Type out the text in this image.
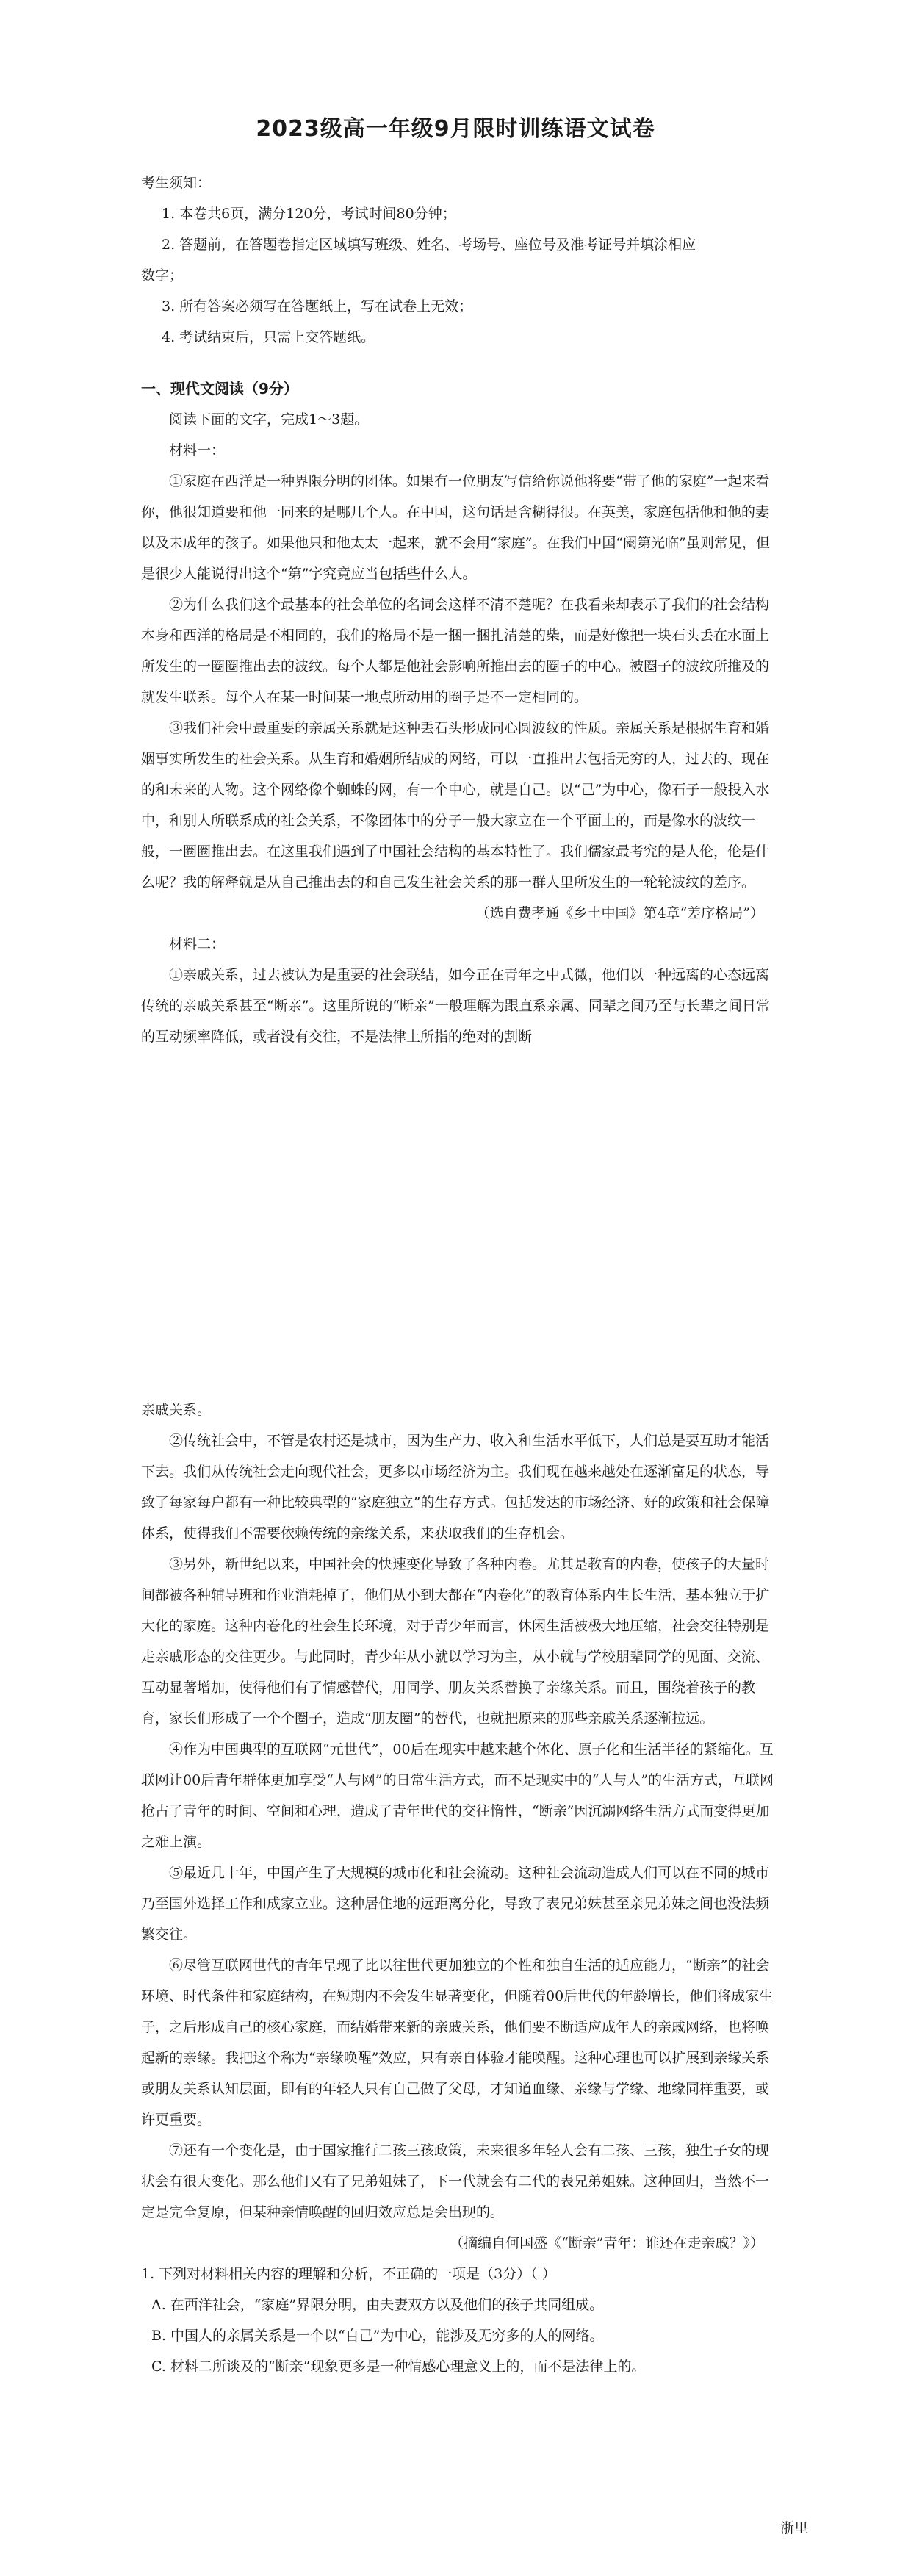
2023级高一年级9月限时训练语文试卷

考生须知：

1. 本卷共6页，满分120分，考试时间80分钟；

2. 答题前，在答题卷指定区域填写班级、姓名、考场号、座位号及准考证号并填涂相应

数字；

3. 所有答案必须写在答题纸上，写在试卷上无效；

4. 考试结束后，只需上交答题纸。

一、现代文阅读（9分）

阅读下面的文字，完成1～3题。

材料一：

①家庭在西洋是一种界限分明的团体。如果有一位朋友写信给你说他将要“带了他的家庭”一起来看你，他很知道要和他一同来的是哪几个人。在中国，这句话是含糊得很。在英美，家庭包括他和他的妻以及未成年的孩子。如果他只和他太太一起来，就不会用“家庭”。在我们中国“阖第光临”虽则常见，但是很少人能说得出这个“第”字究竟应当包括些什么人。

②为什么我们这个最基本的社会单位的名词会这样不清不楚呢？在我看来却表示了我们的社会结构本身和西洋的格局是不相同的，我们的格局不是一捆一捆扎清楚的柴，而是好像把一块石头丢在水面上所发生的一圈圈推出去的波纹。每个人都是他社会影响所推出去的圈子的中心。被圈子的波纹所推及的就发生联系。每个人在某一时间某一地点所动用的圈子是不一定相同的。

③我们社会中最重要的亲属关系就是这种丢石头形成同心圆波纹的性质。亲属关系是根据生育和婚姻事实所发生的社会关系。从生育和婚姻所结成的网络，可以一直推出去包括无穷的人，过去的、现在的和未来的人物。这个网络像个蜘蛛的网，有一个中心，就是自己。以“己”为中心，像石子一般投入水中，和别人所联系成的社会关系，不像团体中的分子一般大家立在一个平面上的，而是像水的波纹一般，一圈圈推出去。在这里我们遇到了中国社会结构的基本特性了。我们儒家最考究的是人伦，伦是什么呢？我的解释就是从自己推出去的和自己发生社会关系的那一群人里所发生的一轮轮波纹的差序。

（选自费孝通《乡土中国》第4章“差序格局”）

材料二：

①亲戚关系，过去被认为是重要的社会联结，如今正在青年之中式微，他们以一种远离的心态远离传统的亲戚关系甚至“断亲”。这里所说的“断亲”一般理解为跟直系亲属、同辈之间乃至与长辈之间日常的互动频率降低，或者没有交往，不是法律上所指的绝对的割断

亲戚关系。

②传统社会中，不管是农村还是城市，因为生产力、收入和生活水平低下，人们总是要互助才能活下去。我们从传统社会走向现代社会，更多以市场经济为主。我们现在越来越处在逐渐富足的状态，导致了每家每户都有一种比较典型的“家庭独立”的生存方式。包括发达的市场经济、好的政策和社会保障体系，使得我们不需要依赖传统的亲缘关系，来获取我们的生存机会。

③另外，新世纪以来，中国社会的快速变化导致了各种内卷。尤其是教育的内卷，使孩子的大量时间都被各种辅导班和作业消耗掉了，他们从小到大都在“内卷化”的教育体系内生长生活，基本独立于扩大化的家庭。这种内卷化的社会生长环境，对于青少年而言，休闲生活被极大地压缩，社会交往特别是走亲戚形态的交往更少。与此同时，青少年从小就以学习为主，从小就与学校朋辈同学的见面、交流、互动显著增加，使得他们有了情感替代，用同学、朋友关系替换了亲缘关系。而且，围绕着孩子的教育，家长们形成了一个个圈子，造成“朋友圈”的替代，也就把原来的那些亲戚关系逐渐拉远。

④作为中国典型的互联网“元世代”，00后在现实中越来越个体化、原子化和生活半径的紧缩化。互联网让00后青年群体更加享受“人与网”的日常生活方式，而不是现实中的“人与人”的生活方式，互联网抢占了青年的时间、空间和心理，造成了青年世代的交往惰性，“断亲”因沉溺网络生活方式而变得更加之难上演。

⑤最近几十年，中国产生了大规模的城市化和社会流动。这种社会流动造成人们可以在不同的城市乃至国外选择工作和成家立业。这种居住地的远距离分化，导致了表兄弟妹甚至亲兄弟妹之间也没法频繁交往。

⑥尽管互联网世代的青年呈现了比以往世代更加独立的个性和独自生活的适应能力，“断亲”的社会环境、时代条件和家庭结构，在短期内不会发生显著变化，但随着00后世代的年龄增长，他们将成家生子，之后形成自己的核心家庭，而结婚带来新的亲戚关系，他们要不断适应成年人的亲戚网络，也将唤起新的亲缘。我把这个称为“亲缘唤醒”效应，只有亲自体验才能唤醒。这种心理也可以扩展到亲缘关系或朋友关系认知层面，即有的年轻人只有自己做了父母，才知道血缘、亲缘与学缘、地缘同样重要，或许更重要。

⑦还有一个变化是，由于国家推行二孩三孩政策，未来很多年轻人会有二孩、三孩，独生子女的现状会有很大变化。那么他们又有了兄弟姐妹了，下一代就会有二代的表兄弟姐妹。这种回归，当然不一定是完全复原，但某种亲情唤醒的回归效应总是会出现的。

（摘编自何国盛《“断亲”青年：谁还在走亲戚？》）

1. 下列对材料相关内容的理解和分析，不正确的一项是（3分）（ ）

A. 在西洋社会，“家庭”界限分明，由夫妻双方以及他们的孩子共同组成。

B. 中国人的亲属关系是一个以“自己”为中心，能涉及无穷多的人的网络。

C. 材料二所谈及的“断亲”现象更多是一种情感心理意义上的，而不是法律上的。

浙里
